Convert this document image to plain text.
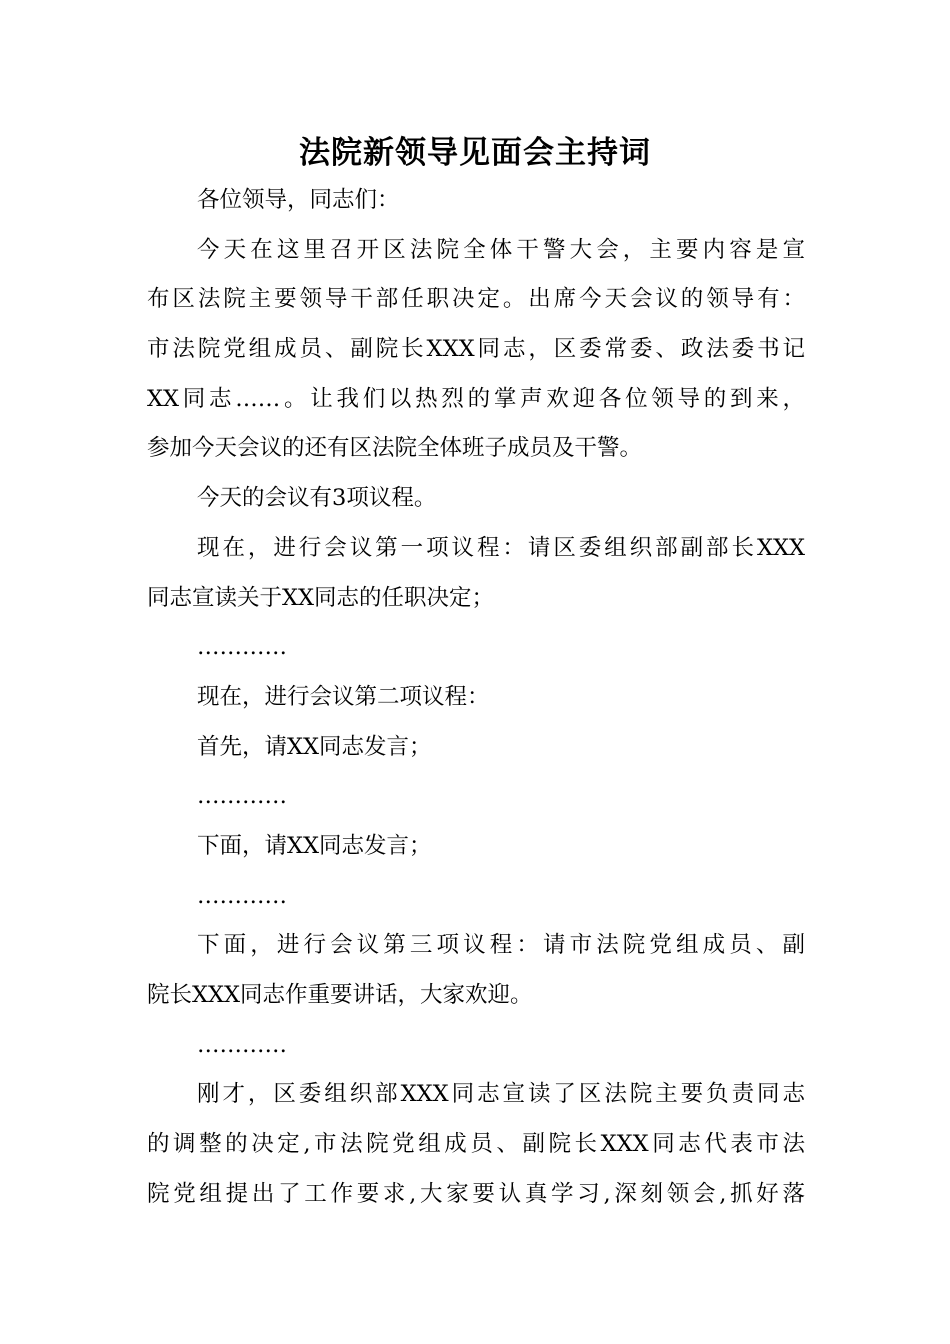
法院新领导见面会主持词
各位领导，同志们：
今天在这里召开区法院全体干警大会，主要内容是宣
布区法院主要领导干部任职决定。出席今天会议的领导有：
市法院党组成员、副院长XXX同志，区委常委、政法委书记
XX同志……。让我们以热烈的掌声欢迎各位领导的到来，
参加今天会议的还有区法院全体班子成员及干警。
今天的会议有3项议程。
现在，进行会议第一项议程：请区委组织部副部长XXX
同志宣读关于XX同志的任职决定；
…………
现在，进行会议第二项议程：
首先，请XX同志发言；
…………
下面，请XX同志发言；
…………
下面，进行会议第三项议程：请市法院党组成员、副
院长XXX同志作重要讲话，大家欢迎。
…………
刚才，区委组织部XXX同志宣读了区法院主要负责同志
的调整的决定,市法院党组成员、副院长XXX同志代表市法
院党组提出了工作要求,大家要认真学习,深刻领会,抓好落
